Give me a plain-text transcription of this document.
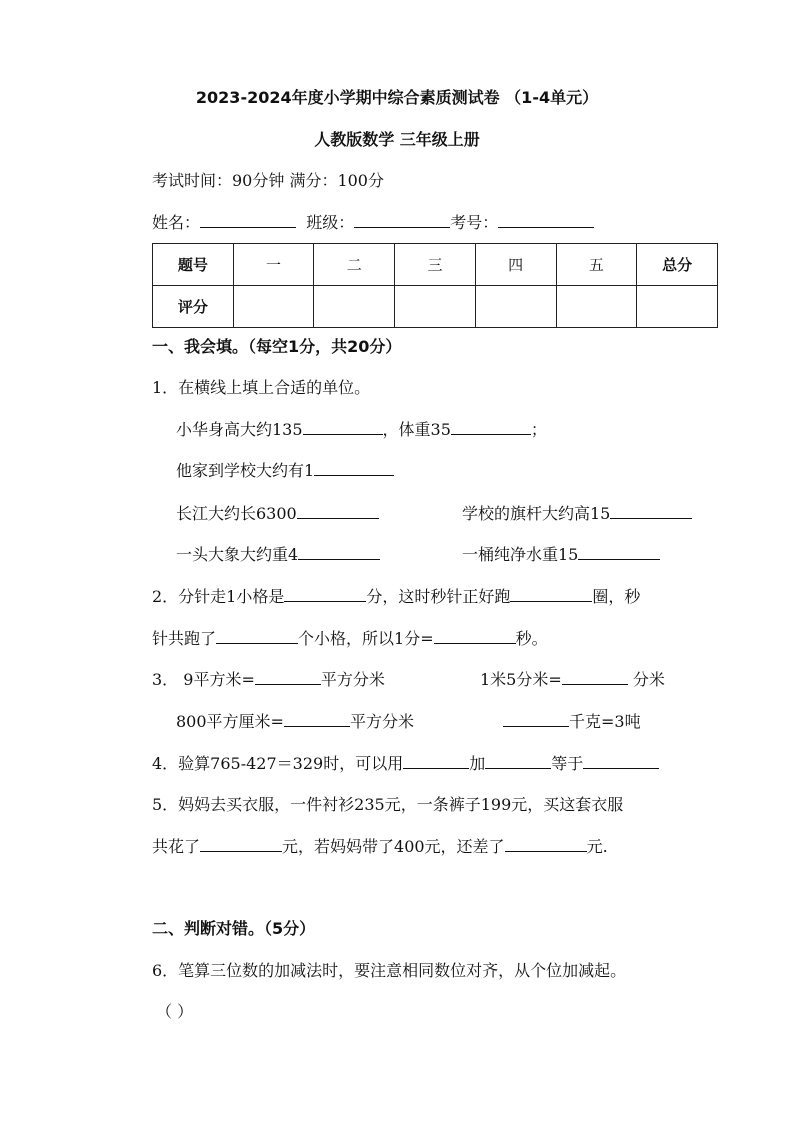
2023-2024年度小学期中综合素质测试卷 （1-4单元）
人教版数学 三年级上册
考试时间：90分钟 满分：100分
姓名：	班级：	考号：
题号	一	二	三	四	五	总分
评分						
一、我会填。（每空1分，共20分）
1．在横线上填上合适的单位。
小华身高大约135	，体重35	；
他家到学校大约有1
长江大约长6300	学校的旗杆大约高15
一头大象大约重4	一桶纯净水重15
2．分针走1小格是	分，这时秒针正好跑	圈，秒
针共跑了	个小格，所以1分=	秒。
3． 9平方米=	平方分米	1米5分米=	分米
800平方厘米=	平方分米	千克=3吨
4．验算765-427＝329时，可以用	加	等于
5．妈妈去买衣服，一件衬衫235元，一条裤子199元，买这套衣服
共花了	元，若妈妈带了400元，还差了	元.
二、判断对错。（5分）
6．笔算三位数的加减法时，要注意相同数位对齐，从个位加减起。
（ ）
